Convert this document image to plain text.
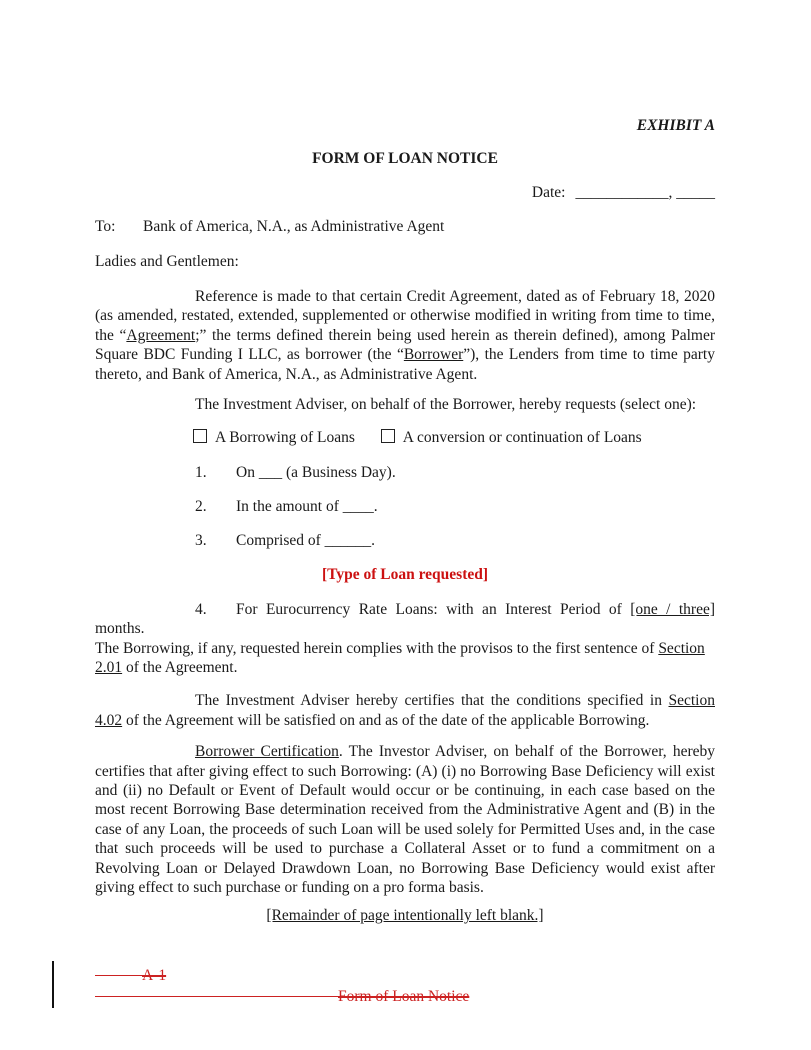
EXHIBIT A

FORM OF LOAN NOTICE

Date: ____________, _____

To:	Bank of America, N.A., as Administrative Agent

Ladies and Gentlemen:

Reference is made to that certain Credit Agreement, dated as of February 18, 2020 (as amended, restated, extended, supplemented or otherwise modified in writing from time to time, the “Agreement;” the terms defined therein being used herein as therein defined), among Palmer Square BDC Funding I LLC, as borrower (the “Borrower”), the Lenders from time to time party thereto, and Bank of America, N.A., as Administrative Agent.

The Investment Adviser, on behalf of the Borrower, hereby requests (select one):

A Borrowing of Loans	A conversion or continuation of Loans

1. On ___ (a Business Day).

2. In the amount of ____.

3. Comprised of ______.

[Type of Loan requested]

4. For Eurocurrency Rate Loans: with an Interest Period of [one / three] months.

The Borrowing, if any, requested herein complies with the provisos to the first sentence of Section 2.01 of the Agreement.

The Investment Adviser hereby certifies that the conditions specified in Section 4.02 of the Agreement will be satisfied on and as of the date of the applicable Borrowing.

Borrower Certification. The Investor Adviser, on behalf of the Borrower, hereby certifies that after giving effect to such Borrowing: (A) (i) no Borrowing Base Deficiency will exist and (ii) no Default or Event of Default would occur or be continuing, in each case based on the most recent Borrowing Base determination received from the Administrative Agent and (B) in the case of any Loan, the proceeds of such Loan will be used solely for Permitted Uses and, in the case that such proceeds will be used to purchase a Collateral Asset or to fund a commitment on a Revolving Loan or Delayed Drawdown Loan, no Borrowing Base Deficiency would exist after giving effect to such purchase or funding on a pro forma basis.

[Remainder of page intentionally left blank.]

A-1
Form of Loan Notice
